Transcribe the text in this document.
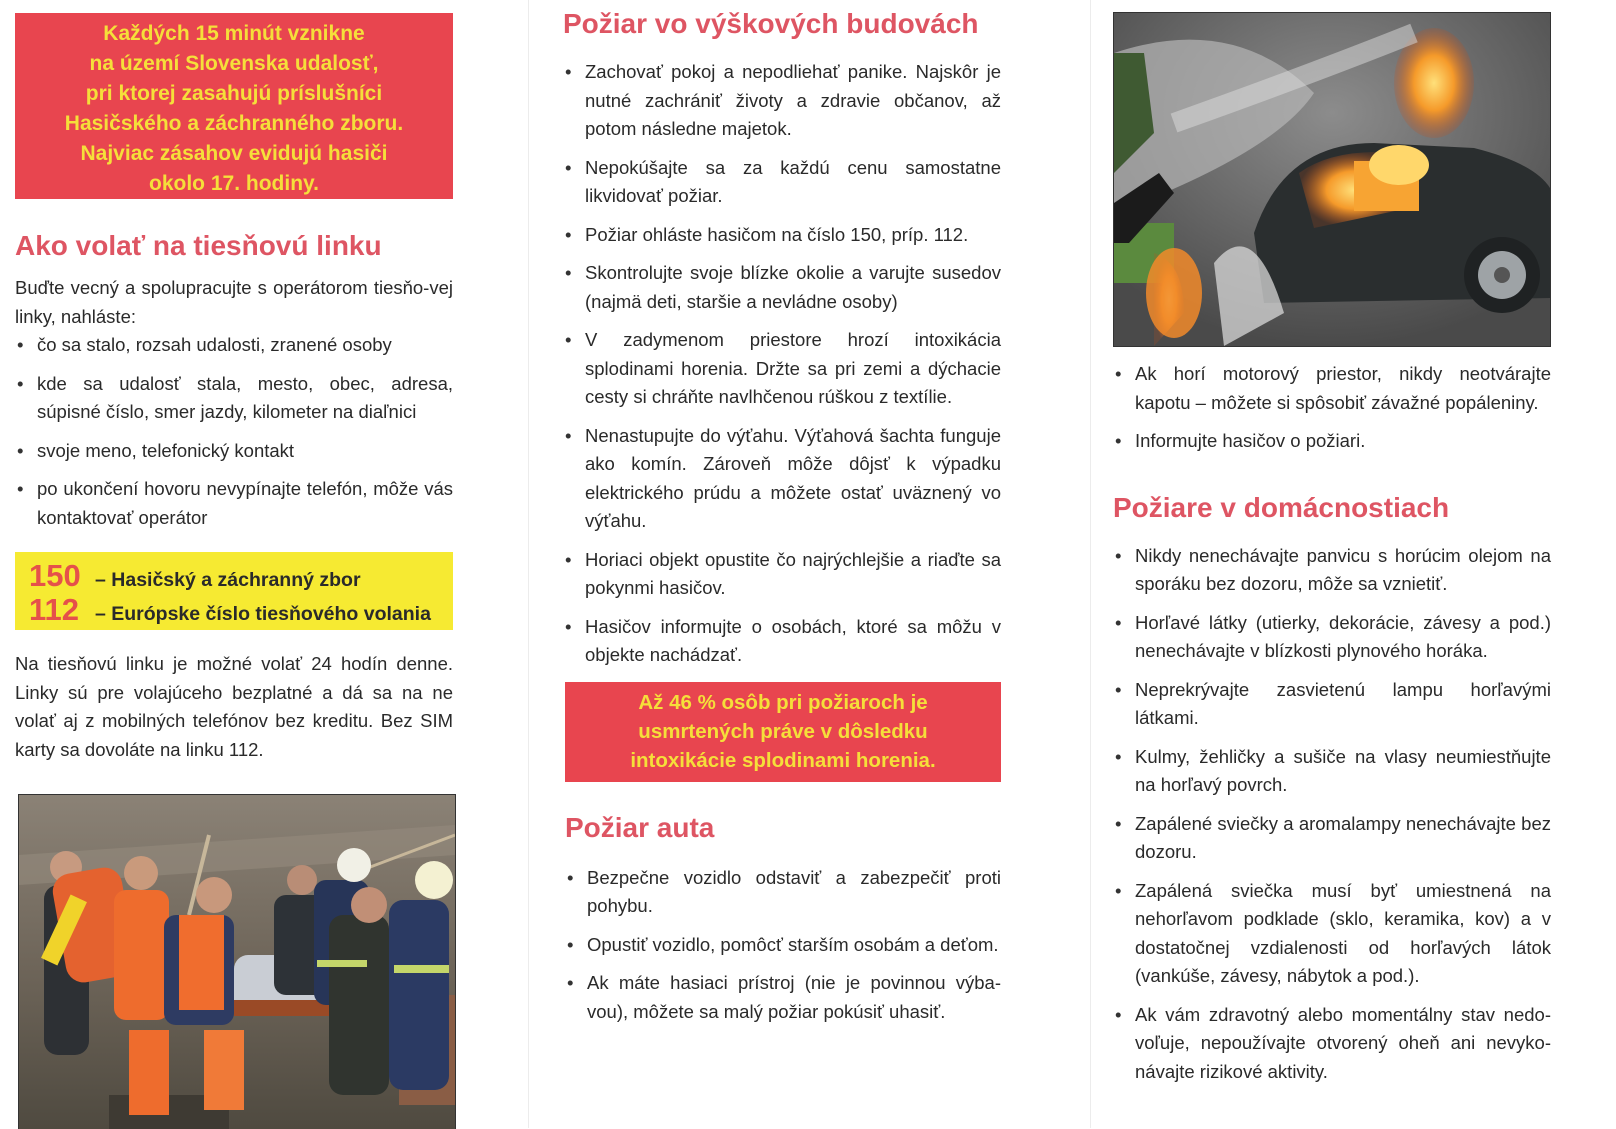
Každých 15 minút vznikne
na území Slovenska udalosť,
pri ktorej zasahujú príslušníci
Hasičského a záchranného zboru.
Najviac zásahov evidujú hasiči
okolo 17. hodiny.
Ako volať na tiesňovú linku

Buďte vecný a spolupracujte s operátorom tiesňo-vej linky, nahláste:

• čo sa stalo, rozsah udalosti, zranené osoby
• kde sa udalosť stala, mesto, obec, adresa, súpisné číslo, smer jazdy, kilometer na diaľnici
• svoje meno, telefonický kontakt
• po ukončení hovoru nevypínajte telefón, môže vás kontaktovať operátor
150 – Hasičský a záchranný zbor
112 – Európske číslo tiesňového volania

Na tiesňovú linku je možné volať 24 hodín denne. Linky sú pre volajúceho bezplatné a dá sa na ne volať aj z mobilných telefónov bez kreditu. Bez SIM karty sa dovoláte na linku 112.

Požiar vo výškových budovách
• Zachovať pokoj a nepodliehať panike. Najskôr je nutné zachrániť životy a zdravie občanov, až potom následne majetok.
• Nepokúšajte sa za každú cenu samostatne likvidovať požiar.
• Požiar ohláste hasičom na číslo 150, príp. 112.
• Skontrolujte svoje blízke okolie a varujte susedov (najmä deti, staršie a nevládne osoby)
• V zadymenom priestore hrozí intoxikácia splodinami horenia. Držte sa pri zemi a dýchacie cesty si chráňte navlhčenou rúškou z textílie.
• Nenastupujte do výťahu. Výťahová šachta funguje ako komín. Zároveň môže dôjsť k výpadku elektrického prúdu a môžete ostať uväznený vo výťahu.
• Horiaci objekt opustite čo najrýchlejšie a riaďte sa pokynmi hasičov.
• Hasičov informujte o osobách, ktoré sa môžu v objekte nachádzať.
Až 46 % osôb pri požiaroch je
usmrtených práve v dôsledku
intoxikácie splodinami horenia.
Požiar auta
• Bezpečne vozidlo odstaviť a zabezpečiť proti pohybu.
• Opustiť vozidlo, pomôcť starším osobám a deťom.
• Ak máte hasiaci prístroj (nie je povinnou výba-vou), môžete sa malý požiar pokúsiť uhasiť.
• Ak horí motorový priestor, nikdy neotvárajte kapotu – môžete si spôsobiť závažné popáleniny.
• Informujte hasičov o požiari.
Požiare v domácnostiach
• Nikdy nenechávajte panvicu s horúcim olejom na sporáku bez dozoru, môže sa vznietiť.
• Horľavé látky (utierky, dekorácie, závesy a pod.) nenechávajte v blízkosti plynového horáka.
• Neprekrývajte zasvietenú lampu horľavými látkami.
• Kulmy, žehličky a sušiče na vlasy neumiestňujte na horľavý povrch.
• Zapálené sviečky a aromalampy nenechávajte bez dozoru.
• Zapálená sviečka musí byť umiestnená na nehorľavom podklade (sklo, keramika, kov) a v dostatočnej vzdialenosti od horľavých látok (vankúše, závesy, nábytok a pod.).
• Ak vám zdravotný alebo momentálny stav nedo-voľuje, nepoužívajte otvorený oheň ani nevyko-návajte rizikové aktivity.
